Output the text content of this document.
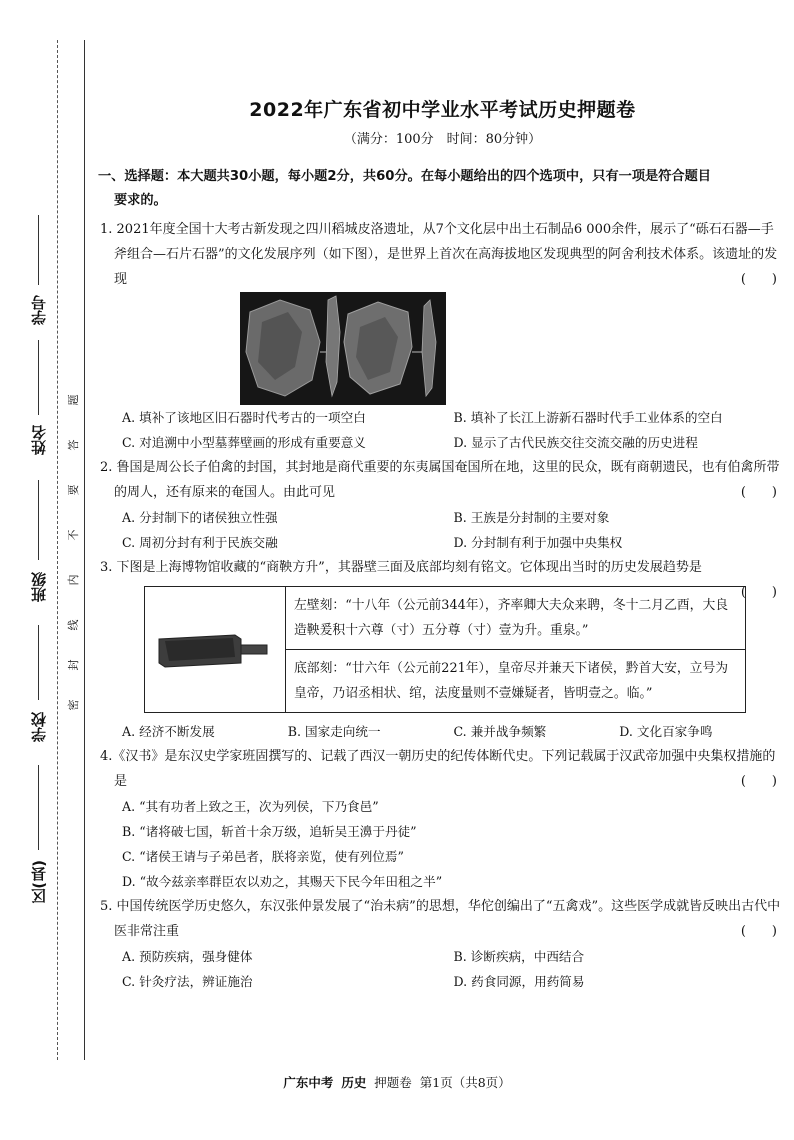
学号
姓名
班级
学校
区(县)
题
答
要
不
内
线
封
密
2022年广东省初中学业水平考试历史押题卷
（满分：100分　时间：80分钟）
一、选择题：本大题共30小题，每小题2分，共60分。在每小题给出的四个选项中，只有一项是符合题目
要求的。
1. 2021年度全国十大考古新发现之四川稻城皮洛遗址，从7个文化层中出土石制品6 000余件，展示了“砾石石器—手斧组合—石片石器”的文化发展序列（如下图），是世界上首次在高海拔地区发现典型的阿舍利技术体系。该遗址的发现	(　　)
A. 填补了该地区旧石器时代考古的一项空白	B. 填补了长江上游新石器时代手工业体系的空白
C. 对追溯中小型墓葬壁画的形成有重要意义	D. 显示了古代民族交往交流交融的历史进程
2. 鲁国是周公长子伯禽的封国，其封地是商代重要的东夷属国奄国所在地，这里的民众，既有商朝遗民，也有伯禽所带的周人，还有原来的奄国人。由此可见	(　　)
A. 分封制下的诸侯独立性强	B. 王族是分封制的主要对象
C. 周初分封有利于民族交融	D. 分封制有利于加强中央集权
3. 下图是上海博物馆收藏的“商鞅方升”，其器壁三面及底部均刻有铭文。它体现出当时的历史发展趋势是
(　　)
左壁刻：“十八年（公元前344年），齐率卿大夫众来聘，冬十二月乙酉，大良造鞅爰积十六尊（寸）五分尊（寸）壹为升。重泉。”
底部刻：“廿六年（公元前221年），皇帝尽并兼天下诸侯，黔首大安，立号为皇帝，乃诏丞相状、绾，法度量则不壹嫌疑者，皆明壹之。临。”
A. 经济不断发展	B. 国家走向统一	C. 兼并战争频繁	D. 文化百家争鸣
4.《汉书》是东汉史学家班固撰写的、记载了西汉一朝历史的纪传体断代史。下列记载属于汉武帝加强中央集权措施的是	(　　)
A. “其有功者上致之王，次为列侯，下乃食邑”
B. “诸将破七国，斩首十余万级，追斩吴王濞于丹徒”
C. “诸侯王请与子弟邑者，朕将亲览，使有列位焉”
D. “故今兹亲率群臣农以劝之，其赐天下民今年田租之半”
5. 中国传统医学历史悠久，东汉张仲景发展了“治未病”的思想，华佗创编出了“五禽戏”。这些医学成就皆反映出古代中医非常注重	(　　)
A. 预防疾病，强身健体	B. 诊断疾病，中西结合
C. 针灸疗法，辨证施治	D. 药食同源，用药简易
广东中考 历史 押题卷 第1页（共8页）
